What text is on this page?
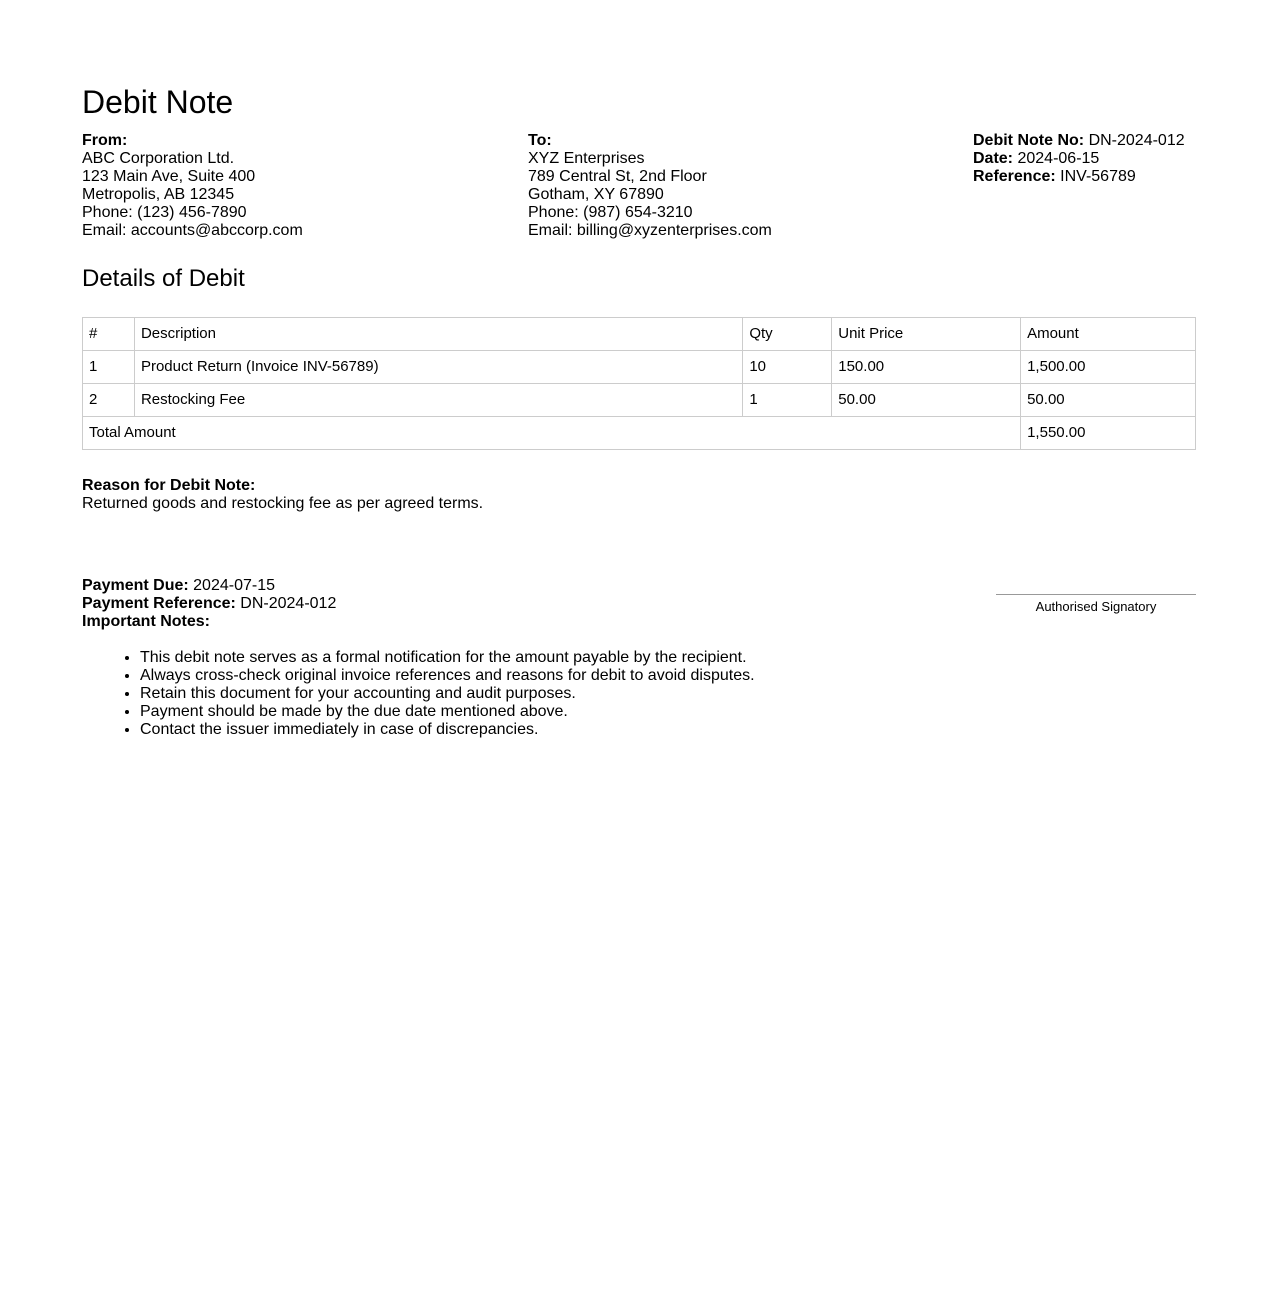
Debit Note
From:
ABC Corporation Ltd.
123 Main Ave, Suite 400
Metropolis, AB 12345
Phone: (123) 456-7890
Email: accounts@abccorp.com
To:
XYZ Enterprises
789 Central St, 2nd Floor
Gotham, XY 67890
Phone: (987) 654-3210
Email: billing@xyzenterprises.com
Debit Note No: DN-2024-012
Date: 2024-06-15
Reference: INV-56789
Details of Debit
#	Description	Qty	Unit Price	Amount
1	Product Return (Invoice INV-56789)	10	150.00	1,500.00
2	Restocking Fee	1	50.00	50.00
Total Amount				1,550.00
Reason for Debit Note:
Returned goods and restocking fee as per agreed terms.
Payment Due: 2024-07-15
Payment Reference: DN-2024-012
Important Notes:
Authorised Signatory
• This debit note serves as a formal notification for the amount payable by the recipient.
• Always cross-check original invoice references and reasons for debit to avoid disputes.
• Retain this document for your accounting and audit purposes.
• Payment should be made by the due date mentioned above.
• Contact the issuer immediately in case of discrepancies.
